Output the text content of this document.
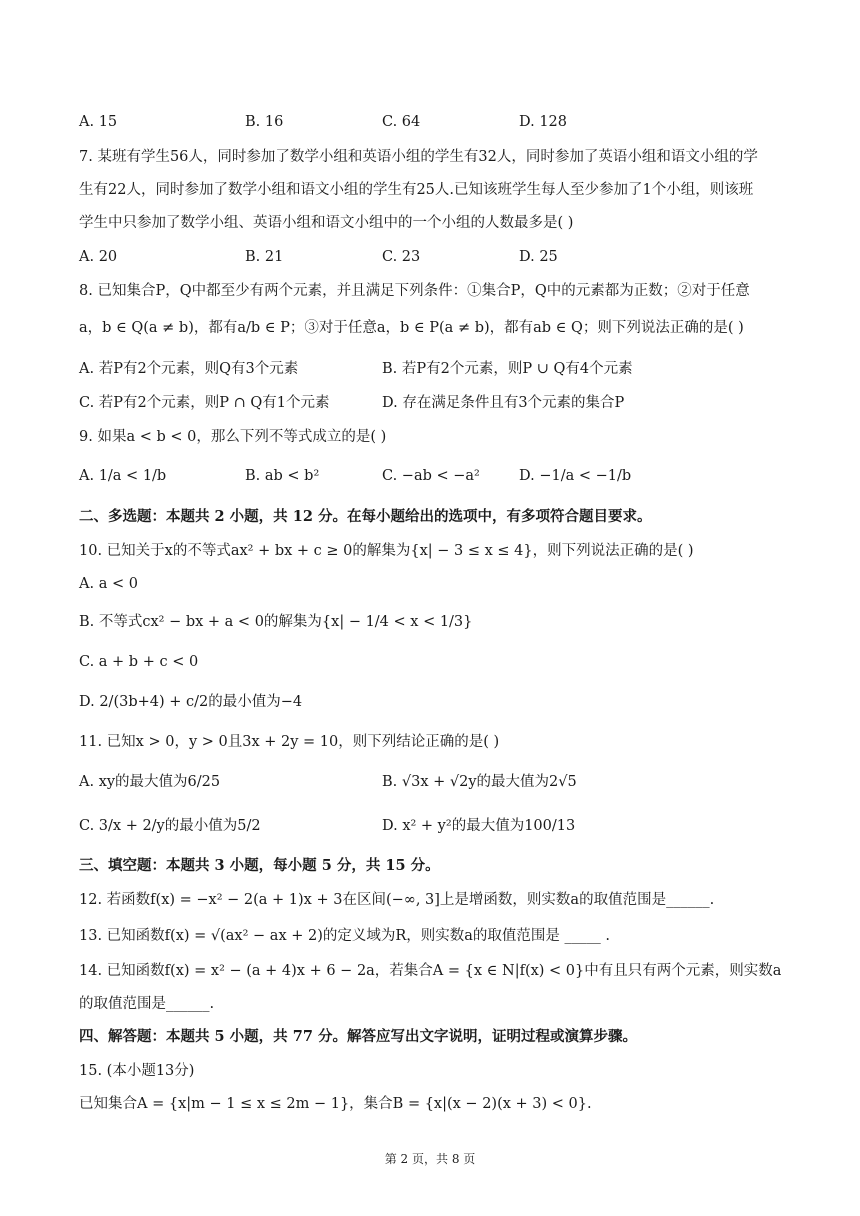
A. 15	B. 16	C. 64	D. 128
7. 某班有学生56人，同时参加了数学小组和英语小组的学生有32人，同时参加了英语小组和语文小组的学
生有22人，同时参加了数学小组和语文小组的学生有25人.已知该班学生每人至少参加了1个小组，则该班
学生中只参加了数学小组、英语小组和语文小组中的一个小组的人数最多是( )
A. 20	B. 21	C. 23	D. 25
8. 已知集合P，Q中都至少有两个元素，并且满足下列条件：①集合P，Q中的元素都为正数；②对于任意
a，b ∈ Q(a ≠ b)，都有a/b ∈ P；③对于任意a，b ∈ P(a ≠ b)，都有ab ∈ Q；则下列说法正确的是( )
A. 若P有2个元素，则Q有3个元素	B. 若P有2个元素，则P ∪ Q有4个元素
C. 若P有2个元素，则P ∩ Q有1个元素	D. 存在满足条件且有3个元素的集合P
9. 如果a < b < 0，那么下列不等式成立的是( )
A. 1/a < 1/b	B. ab < b²	C. −ab < −a²	D. −1/a < −1/b
二、多选题：本题共 2 小题，共 12 分。在每小题给出的选项中，有多项符合题目要求。
10. 已知关于x的不等式ax² + bx + c ≥ 0的解集为{x| − 3 ≤ x ≤ 4}，则下列说法正确的是( )
A. a < 0
B. 不等式cx² − bx + a < 0的解集为{x| − 1/4 < x < 1/3}
C. a + b + c < 0
D. 2/(3b+4) + c/2的最小值为−4
11. 已知x > 0，y > 0且3x + 2y = 10，则下列结论正确的是( )
A. xy的最大值为6/25	B. √3x + √2y的最大值为2√5
C. 3/x + 2/y的最小值为5/2	D. x² + y²的最大值为100/13
三、填空题：本题共 3 小题，每小题 5 分，共 15 分。
12. 若函数f(x) = −x² − 2(a + 1)x + 3在区间(−∞, 3]上是增函数，则实数a的取值范围是______.
13. 已知函数f(x) = √(ax² − ax + 2)的定义域为R，则实数a的取值范围是 _____ .
14. 已知函数f(x) = x² − (a + 4)x + 6 − 2a，若集合A = {x ∈ N|f(x) < 0}中有且只有两个元素，则实数a
的取值范围是______.
四、解答题：本题共 5 小题，共 77 分。解答应写出文字说明，证明过程或演算步骤。
15. (本小题13分)
已知集合A = {x|m − 1 ≤ x ≤ 2m − 1}，集合B = {x|(x − 2)(x + 3) < 0}.
第 2 页，共 8 页
